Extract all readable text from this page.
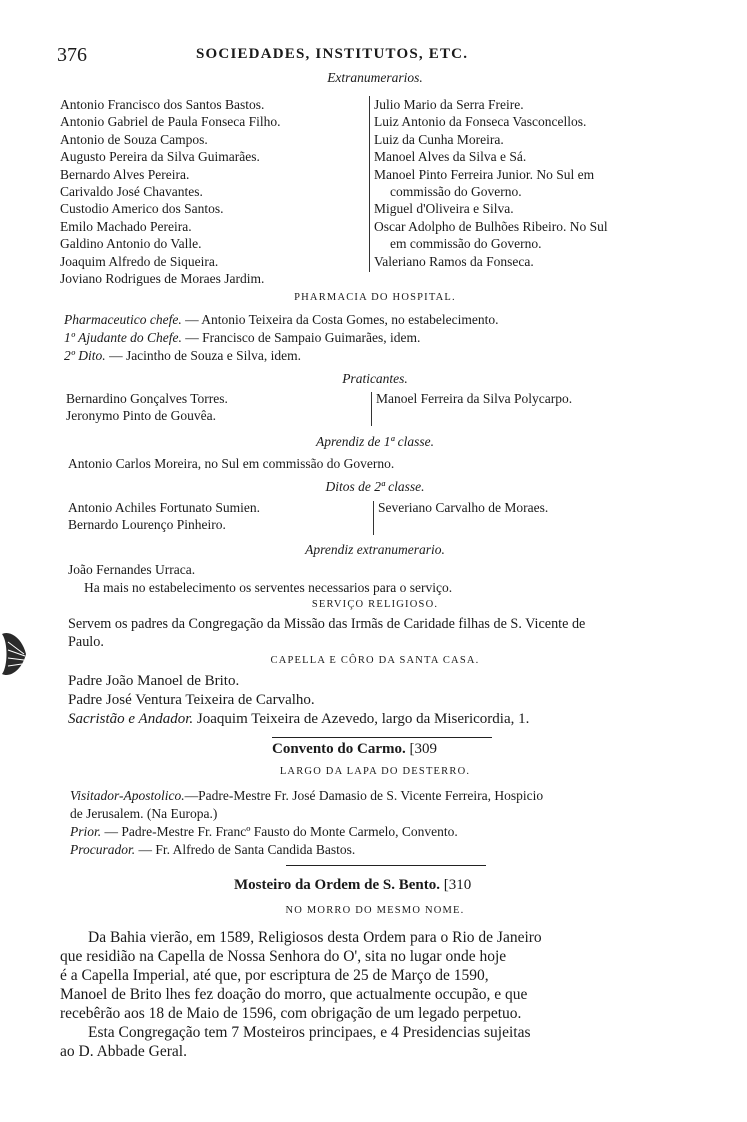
376	SOCIEDADES, INSTITUTOS, ETC.
Extranumerarios.
Antonio Francisco dos Santos Bastos.
Antonio Gabriel de Paula Fonseca Filho.
Antonio de Souza Campos.
Augusto Pereira da Silva Guimarães.
Bernardo Alves Pereira.
Carivaldo José Chavantes.
Custodio Americo dos Santos.
Emilo Machado Pereira.
Galdino Antonio do Valle.
Joaquim Alfredo de Siqueira.
Joviano Rodrigues de Moraes Jardim.
Julio Mario da Serra Freire.
Luiz Antonio da Fonseca Vasconcellos.
Luiz da Cunha Moreira.
Manoel Alves da Silva e Sá.
Manoel Pinto Ferreira Junior. No Sul em
commissão do Governo.
Miguel d'Oliveira e Silva.
Oscar Adolpho de Bulhões Ribeiro. No Sul
em commissão do Governo.
Valeriano Ramos da Fonseca.
PHARMACIA DO HOSPITAL.
Pharmaceutico chefe. — Antonio Teixeira da Costa Gomes, no estabelecimento.
1º Ajudante do Chefe. — Francisco de Sampaio Guimarães, idem.
2º Dito. — Jacintho de Souza e Silva, idem.
Praticantes.
Bernardino Gonçalves Torres.
Jeronymo Pinto de Gouvêa.
Manoel Ferreira da Silva Polycarpo.
Aprendiz de 1ª classe.
Antonio Carlos Moreira, no Sul em commissão do Governo.
Ditos de 2ª classe.
Antonio Achiles Fortunato Sumien.
Bernardo Lourenço Pinheiro.
Severiano Carvalho de Moraes.
Aprendiz extranumerario.
João Fernandes Urraca.
Ha mais no estabelecimento os serventes necessarios para o serviço.
SERVIÇO RELIGIOSO.
Servem os padres da Congregação da Missão das Irmãs de Caridade filhas de S. Vicente de
Paulo.
CAPELLA E CÔRO DA SANTA CASA.
Padre João Manoel de Brito.
Padre José Ventura Teixeira de Carvalho.
Sacristão e Andador. Joaquim Teixeira de Azevedo, largo da Misericordia, 1.
Convento do Carmo. [309
LARGO DA LAPA DO DESTERRO.
Visitador-Apostolico.—Padre-Mestre Fr. José Damasio de S. Vicente Ferreira, Hospicio
de Jerusalem. (Na Europa.)
Prior. — Padre-Mestre Fr. Francº Fausto do Monte Carmelo, Convento.
Procurador. — Fr. Alfredo de Santa Candida Bastos.
Mosteiro da Ordem de S. Bento. [310
NO MORRO DO MESMO NOME.
Da Bahia vierão, em 1589, Religiosos desta Ordem para o Rio de Janeiro
que residião na Capella de Nossa Senhora do O', sita no lugar onde hoje
é a Capella Imperial, até que, por escriptura de 25 de Março de 1590,
Manoel de Brito lhes fez doação do morro, que actualmente occupão, e que
recebêrão aos 18 de Maio de 1596, com obrigação de um legado perpetuo.
Esta Congregação tem 7 Mosteiros principaes, e 4 Presidencias sujeitas
ao D. Abbade Geral.
